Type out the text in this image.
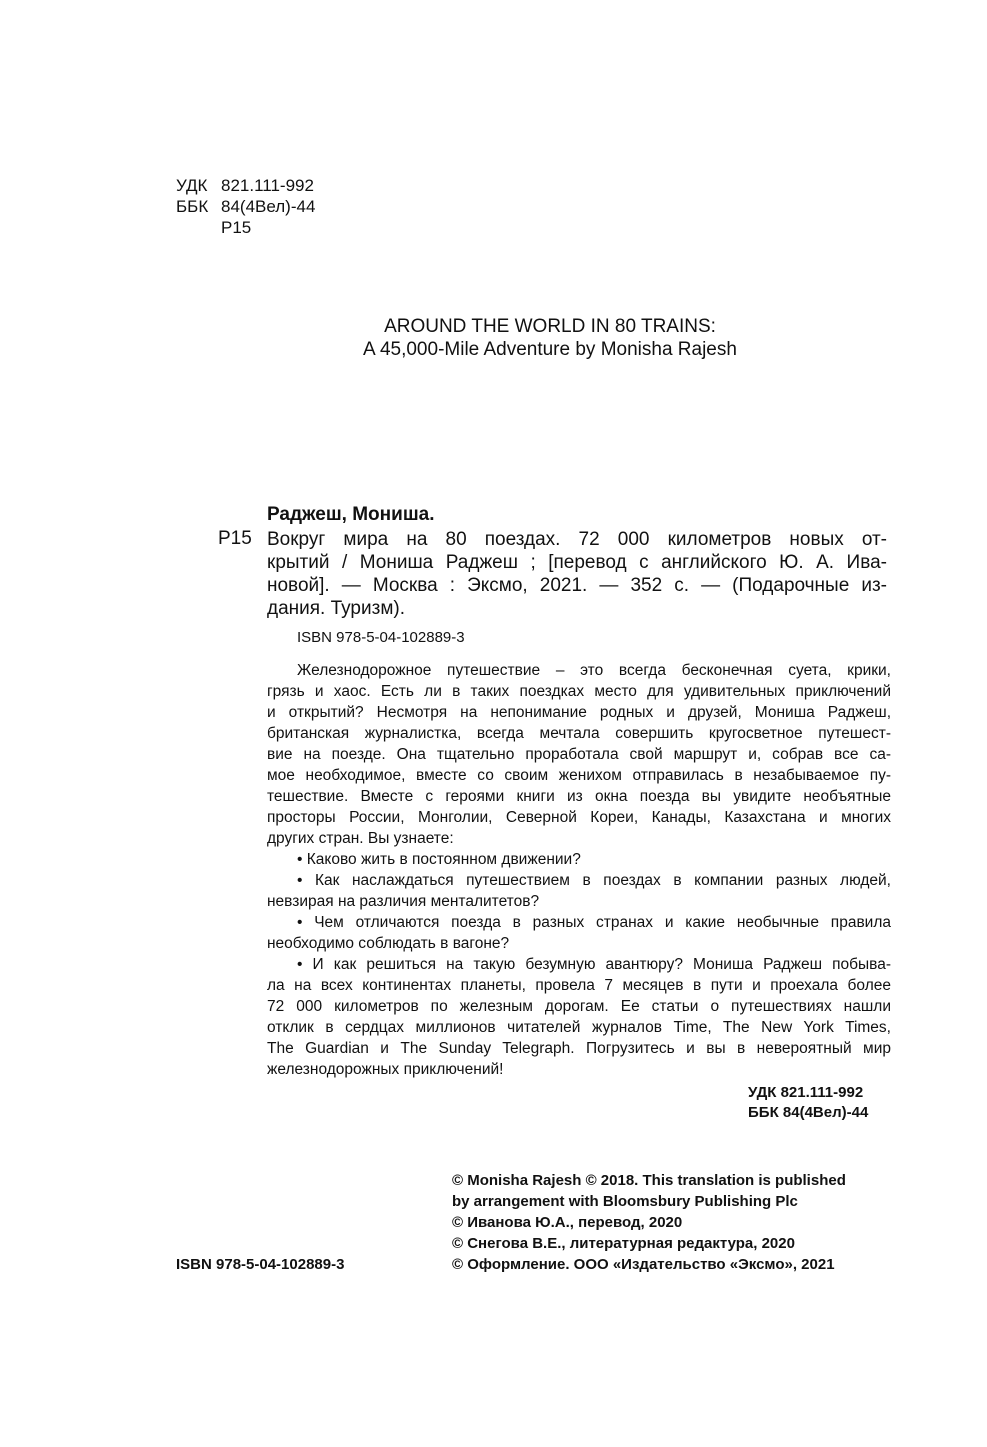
УДК 821.111-992
ББК 84(4Вел)-44
Р15
AROUND THE WORLD IN 80 TRAINS:
A 45,000-Mile Adventure by Monisha Rajesh
Раджеш, Мониша.
Р15 Вокруг мира на 80 поездах. 72 000 километров новых от-
крытий / Мониша Раджеш ; [перевод с английского Ю. А. Ива-
новой]. — Москва : Эксмо, 2021. — 352 с. — (Подарочные из-
дания. Туризм).
ISBN 978-5-04-102889-3
Железнодорожное путешествие – это всегда бесконечная суета, крики,
грязь и хаос. Есть ли в таких поездках место для удивительных приключений
и открытий? Несмотря на непонимание родных и друзей, Мониша Раджеш,
британская журналистка, всегда мечтала совершить кругосветное путешест-
вие на поезде. Она тщательно проработала свой маршрут и, собрав все са-
мое необходимое, вместе со своим женихом отправилась в незабываемое пу-
тешествие. Вместе с героями книги из окна поезда вы увидите необъятные
просторы России, Монголии, Северной Кореи, Канады, Казахстана и многих
других стран. Вы узнаете:
• Каково жить в постоянном движении?
• Как наслаждаться путешествием в поездах в компании разных людей,
невзирая на различия менталитетов?
• Чем отличаются поезда в разных странах и какие необычные правила
необходимо соблюдать в вагоне?
• И как решиться на такую безумную авантюру? Мониша Раджеш побыва-
ла на всех континентах планеты, провела 7 месяцев в пути и проехала более
72 000 километров по железным дорогам. Ее статьи о путешествиях нашли
отклик в сердцах миллионов читателей журналов Time, The New York Times,
The Guardian и The Sunday Telegraph. Погрузитесь и вы в невероятный мир
железнодорожных приключений!
УДК 821.111-992
ББК 84(4Вел)-44
© Monisha Rajesh © 2018. This translation is published
by arrangement with Bloomsbury Publishing Plc
© Иванова Ю.А., перевод, 2020
© Снегова В.Е., литературная редактура, 2020
© Оформление. ООО «Издательство «Эксмо», 2021
ISBN 978-5-04-102889-3
